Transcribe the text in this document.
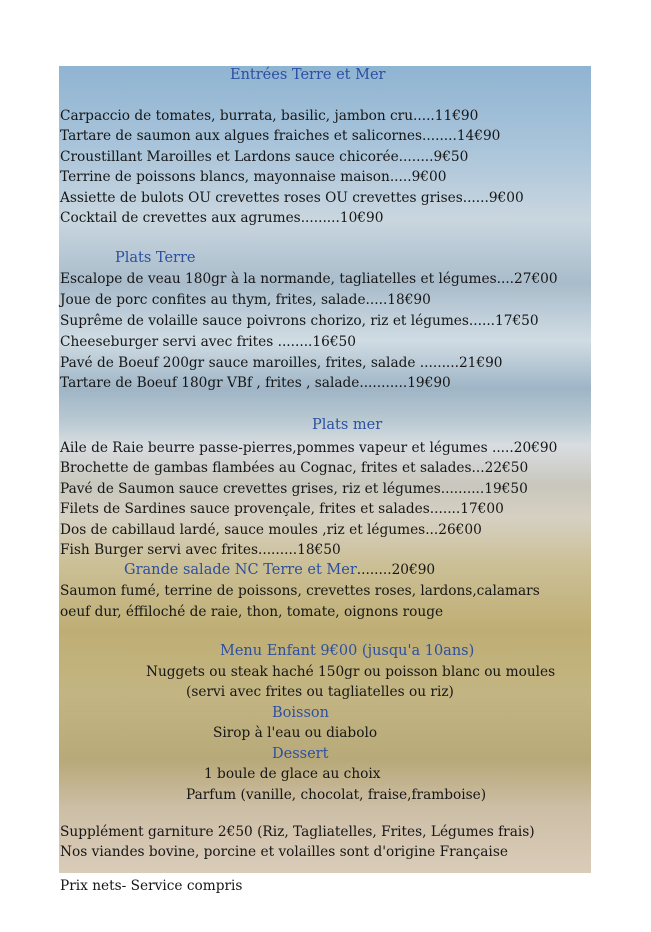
Entrées Terre et Mer
Carpaccio de tomates, burrata, basilic, jambon cru.....11€90
Tartare de saumon aux algues fraiches et salicornes........14€90
Croustillant Maroilles et Lardons sauce chicorée........9€50
Terrine de poissons blancs, mayonnaise maison.....9€00
Assiette de bulots OU crevettes roses OU crevettes grises......9€00
Cocktail de crevettes aux agrumes.........10€90
Plats Terre
Escalope de veau 180gr à la normande, tagliatelles et légumes....27€00
Joue de porc confites au thym, frites, salade.....18€90
Suprême de volaille sauce poivrons chorizo, riz et légumes......17€50
Cheeseburger servi avec frites ........16€50
Pavé de Boeuf 200gr sauce maroilles, frites, salade .........21€90
Tartare de Boeuf 180gr VBf , frites , salade...........19€90
Plats mer
Aile de Raie beurre passe-pierres,pommes vapeur et légumes .....20€90
Brochette de gambas flambées au Cognac, frites et salades...22€50
Pavé de Saumon sauce crevettes grises, riz et légumes..........19€50
Filets de Sardines sauce provençale, frites et salades.......17€00
Dos de cabillaud lardé, sauce moules ,riz et légumes...26€00
Fish Burger servi avec frites.........18€50
Grande salade NC Terre et Mer........20€90
Saumon fumé, terrine de poissons, crevettes roses, lardons,calamars
oeuf dur, éffiloché de raie, thon, tomate, oignons rouge
Menu Enfant 9€00 (jusqu'a 10ans)
Nuggets ou steak haché 150gr ou poisson blanc ou moules
(servi avec frites ou tagliatelles ou riz)
Boisson
Sirop à l'eau ou diabolo
Dessert
1 boule de glace au choix
Parfum (vanille, chocolat, fraise,framboise)
Supplément garniture 2€50 (Riz, Tagliatelles, Frites, Légumes frais)
Nos viandes bovine, porcine et volailles sont d'origine Française
Prix nets- Service compris
